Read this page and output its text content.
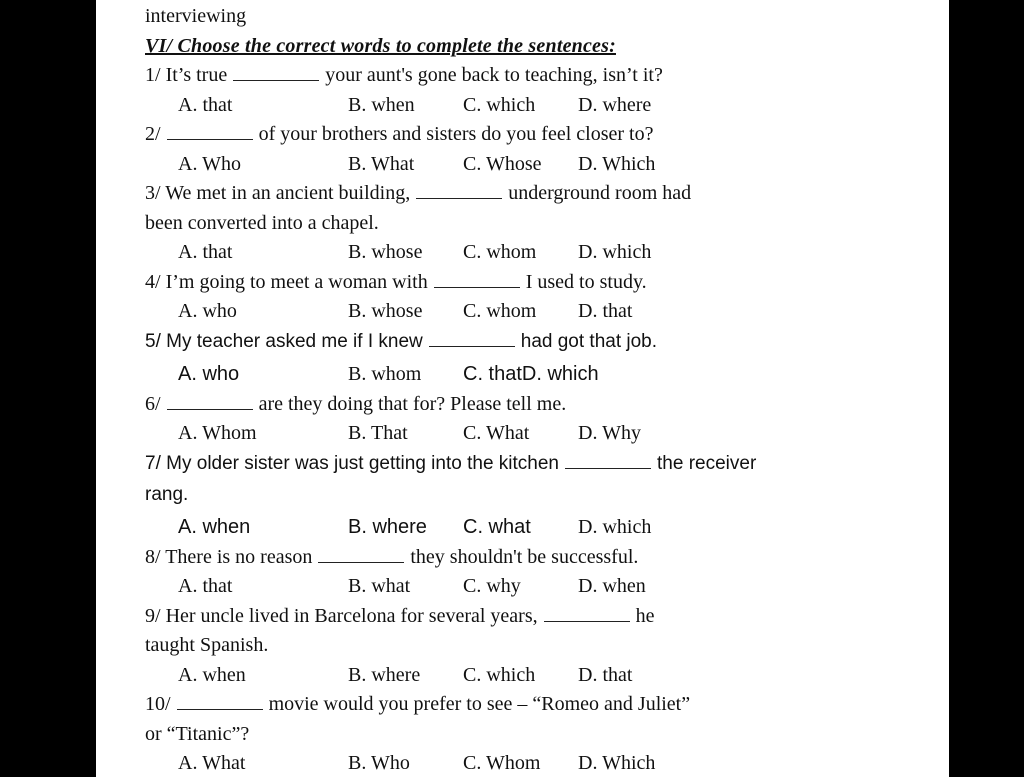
interviewing
VI/ Choose the correct words to complete the sentences:
1/ It’s true	your aunt's gone back to teaching, isn’t it?
A. that	B. when C. which D. where
2/	of your brothers and sisters do you feel closer to?
A. Who	B. What C. Whose D. Which
3/ We met in an ancient building,	underground room had
been converted into a chapel.
A. that	B. whose C. whom D. which
4/ I’m going to meet a woman with	I used to study.
A. who	B. whose C. whom D. that
5/ My teacher asked me if I knew	had got that job.
A. who	B. whom C. thatD. which
6/	are they doing that for? Please tell me.
A. Whom	B. That	C. What D. Why
7/ My older sister was just getting into the kitchen	the receiver
rang.
A. when	B. where C. what D. which
8/ There is no reason	they shouldn't be successful.
A. that	B. what	C. why	D. when
9/ Her uncle lived in Barcelona for several years,	he
taught Spanish.
A. when	B. where C. which D. that
10/	movie would you prefer to see – “Romeo and Juliet”
or “Titanic”?
A. What	B. Who	C. Whom D. Which
